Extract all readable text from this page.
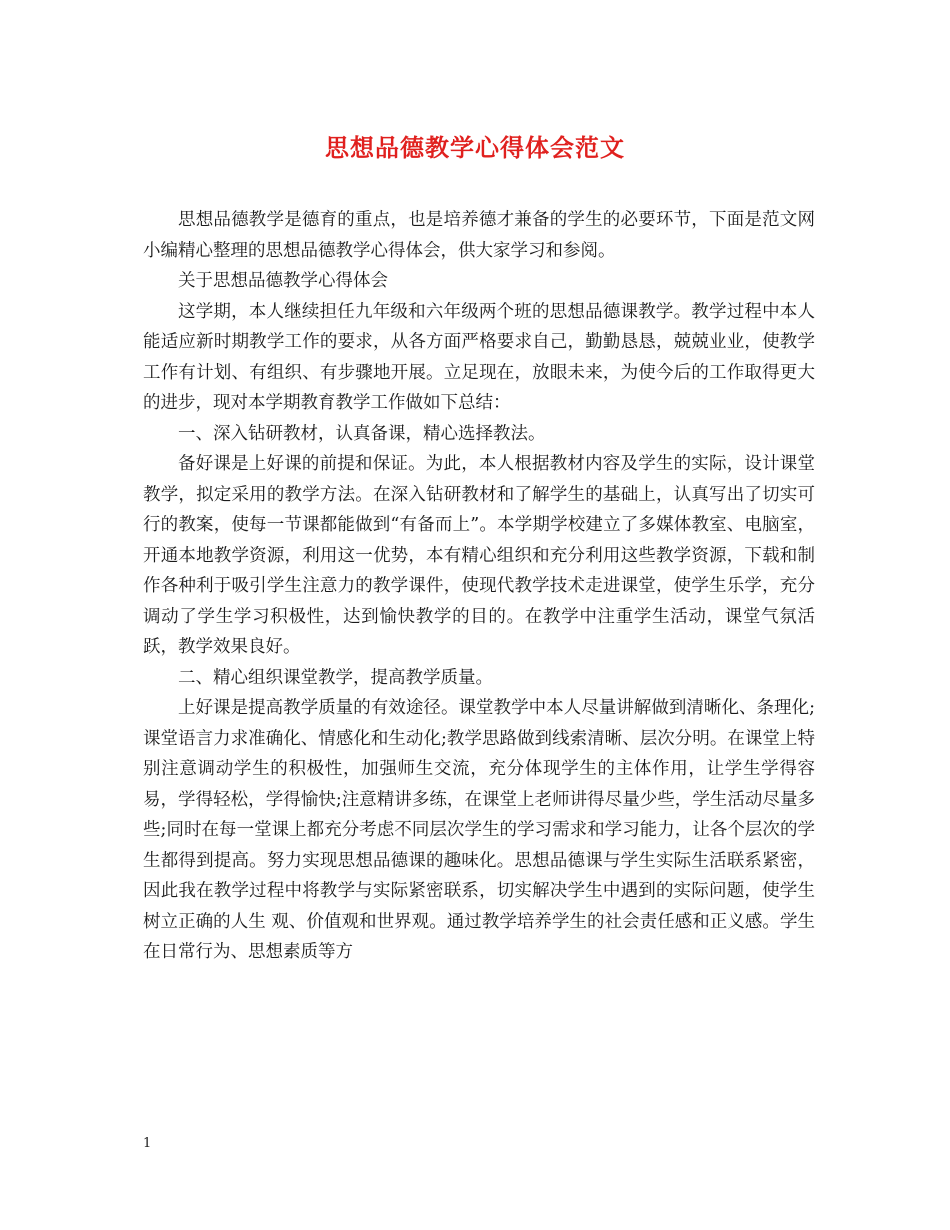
思想品德教学心得体会范文

思想品德教学是德育的重点，也是培养德才兼备的学生的必要环节，下面是范文网小编精心整理的思想品德教学心得体会，供大家学习和参阅。

关于思想品德教学心得体会

这学期，本人继续担任九年级和六年级两个班的思想品德课教学。教学过程中本人能适应新时期教学工作的要求，从各方面严格要求自己，勤勤恳恳，兢兢业业，使教学工作有计划、有组织、有步骤地开展。立足现在，放眼未来，为使今后的工作取得更大的进步，现对本学期教育教学工作做如下总结：

一、深入钻研教材，认真备课，精心选择教法。

备好课是上好课的前提和保证。为此，本人根据教材内容及学生的实际，设计课堂教学，拟定采用的教学方法。在深入钻研教材和了解学生的基础上，认真写出了切实可行的教案，使每一节课都能做到“有备而上”。本学期学校建立了多媒体教室、电脑室，开通本地教学资源，利用这一优势，本有精心组织和充分利用这些教学资源，下载和制作各种利于吸引学生注意力的教学课件，使现代教学技术走进课堂，使学生乐学，充分调动了学生学习积极性，达到愉快教学的目的。在教学中注重学生活动，课堂气氛活跃，教学效果良好。

二、精心组织课堂教学，提高教学质量。

上好课是提高教学质量的有效途径。课堂教学中本人尽量讲解做到清晰化、条理化;课堂语言力求准确化、情感化和生动化;教学思路做到线索清晰、层次分明。在课堂上特别注意调动学生的积极性，加强师生交流，充分体现学生的主体作用，让学生学得容易，学得轻松，学得愉快;注意精讲多练，在课堂上老师讲得尽量少些，学生活动尽量多些;同时在每一堂课上都充分考虑不同层次学生的学习需求和学习能力，让各个层次的学生都得到提高。努力实现思想品德课的趣味化。思想品德课与学生实际生活联系紧密，因此我在教学过程中将教学与实际紧密联系，切实解决学生中遇到的实际问题，使学生树立正确的人生 观、价值观和世界观。通过教学培养学生的社会责任感和正义感。学生在日常行为、思想素质等方

1
